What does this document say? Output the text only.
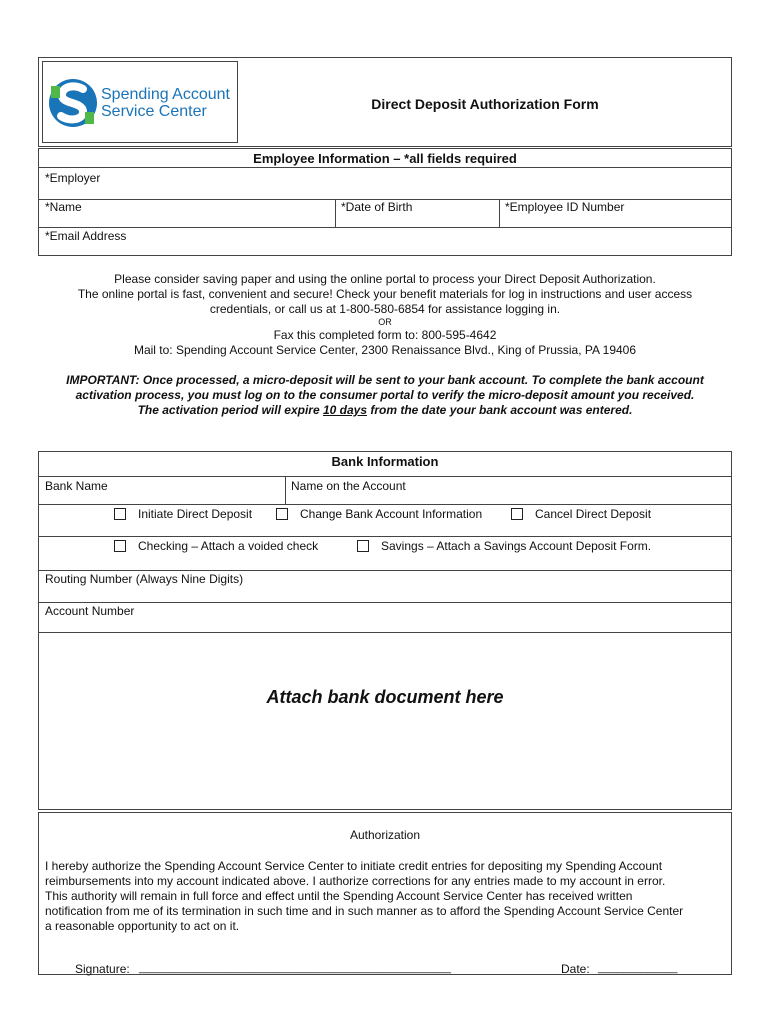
Spending Account
Service Center	Direct Deposit Authorization Form
Employee Information – *all fields required
*Employer
*Name	*Date of Birth	*Employee ID Number
*Email Address
Please consider saving paper and using the online portal to process your Direct Deposit Authorization.
The online portal is fast, convenient and secure! Check your benefit materials for log in instructions and user access
credentials, or call us at 1-800-580-6854 for assistance logging in.
OR
Fax this completed form to: 800-595-4642
Mail to: Spending Account Service Center, 2300 Renaissance Blvd., King of Prussia, PA 19406
IMPORTANT: Once processed, a micro-deposit will be sent to your bank account. To complete the bank account
activation process, you must log on to the consumer portal to verify the micro-deposit amount you received.
The activation period will expire 10 days from the date your bank account was entered.
Bank Information
Bank Name	Name on the Account
Initiate Direct Deposit	Change Bank Account Information	Cancel Direct Deposit
Checking – Attach a voided check	Savings – Attach a Savings Account Deposit Form.
Routing Number (Always Nine Digits)
Account Number
Attach bank document here
Authorization
I hereby authorize the Spending Account Service Center to initiate credit entries for depositing my Spending Account
reimbursements into my account indicated above. I authorize corrections for any entries made to my account in error.
This authority will remain in full force and effect until the Spending Account Service Center has received written
notification from me of its termination in such time and in such manner as to afford the Spending Account Service Center
a reasonable opportunity to act on it.
Signature: ___________________________________________________	Date: _____________
